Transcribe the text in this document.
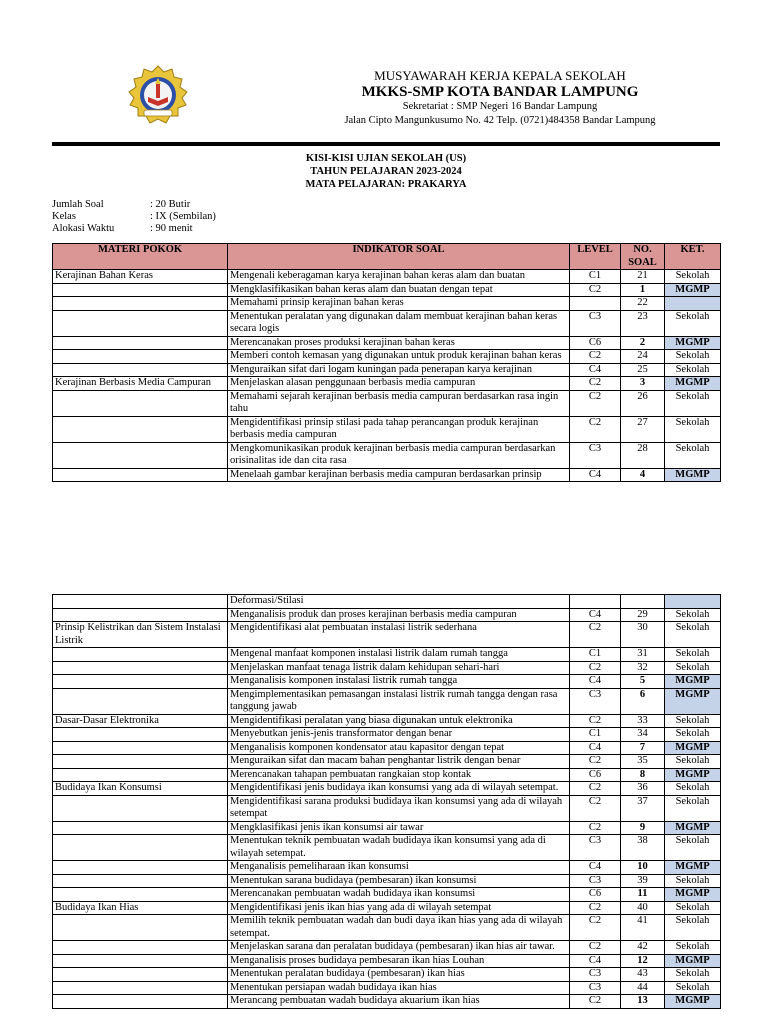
MUSYAWARAH KERJA KEPALA SEKOLAH
MKKS-SMP KOTA BANDAR LAMPUNG
Sekretariat : SMP Negeri 16 Bandar Lampung
Jalan Cipto Mangunkusumo No. 42 Telp. (0721)484358 Bandar Lampung
KISI-KISI UJIAN SEKOLAH (US)
TAHUN PELAJARAN 2023-2024
MATA PELAJARAN: PRAKARYA
Jumlah Soal	: 20 Butir
Kelas	: IX (Sembilan)
Alokasi Waktu	: 90 menit
MATERI POKOK	INDIKATOR SOAL	LEVEL	NO. SOAL	KET.
Kerajinan Bahan Keras	Mengenali keberagaman karya kerajinan bahan keras alam dan buatan	C1	21	Sekolah
	Mengklasifikasikan bahan keras alam dan buatan dengan tepat	C2	1	MGMP
	Memahami prinsip kerajinan bahan keras		22	
	Menentukan peralatan yang digunakan dalam membuat kerajinan bahan keras secara logis	C3	23	Sekolah
	Merencanakan proses produksi kerajinan bahan keras	C6	2	MGMP
	Memberi contoh kemasan yang digunakan untuk produk kerajinan bahan keras	C2	24	Sekolah
	Menguraikan sifat dari logam kuningan pada penerapan karya kerajinan	C4	25	Sekolah
Kerajinan Berbasis Media Campuran	Menjelaskan alasan penggunaan berbasis media campuran	C2	3	MGMP
	Memahami sejarah kerajinan berbasis media campuran berdasarkan rasa ingin tahu	C2	26	Sekolah
	Mengidentifikasi prinsip stilasi pada tahap perancangan produk kerajinan berbasis media campuran	C2	27	Sekolah
	Mengkomunikasikan produk kerajinan berbasis media campuran berdasarkan orisinalitas ide dan cita rasa	C3	28	Sekolah
	Menelaah gambar kerajinan berbasis media campuran berdasarkan prinsip	C4	4	MGMP
	Deformasi/Stilasi			
	Menganalisis produk dan proses kerajinan berbasis media campuran	C4	29	Sekolah
Prinsip Kelistrikan dan Sistem Instalasi Listrik	Mengidentifikasi alat pembuatan instalasi listrik sederhana	C2	30	Sekolah
	Mengenal manfaat komponen instalasi listrik dalam rumah tangga	C1	31	Sekolah
	Menjelaskan manfaat tenaga listrik dalam kehidupan sehari-hari	C2	32	Sekolah
	Menganalisis komponen instalasi listrik rumah tangga	C4	5	MGMP
	Mengimplementasikan pemasangan instalasi listrik rumah tangga dengan rasa tanggung jawab	C3	6	MGMP
Dasar-Dasar Elektronika	Mengidentifikasi peralatan yang biasa digunakan untuk elektronika	C2	33	Sekolah
	Menyebutkan jenis-jenis transformator dengan benar	C1	34	Sekolah
	Menganalisis komponen kondensator atau kapasitor dengan tepat	C4	7	MGMP
	Menguraikan sifat dan macam bahan penghantar listrik dengan benar	C2	35	Sekolah
	Merencanakan tahapan pembuatan rangkaian stop kontak	C6	8	MGMP
Budidaya Ikan Konsumsi	Mengidentifikasi jenis budidaya ikan konsumsi yang ada di wilayah setempat.	C2	36	Sekolah
	Mengidentifikasi sarana produksi budidaya ikan konsumsi yang ada di wilayah setempat	C2	37	Sekolah
	Mengklasifikasi jenis ikan konsumsi air tawar	C2	9	MGMP
	Menentukan teknik pembuatan wadah budidaya ikan konsumsi yang ada di wilayah setempat.	C3	38	Sekolah
	Menganalisis pemeliharaan ikan konsumsi	C4	10	MGMP
	Menentukan sarana budidaya (pembesaran) ikan konsumsi	C3	39	Sekolah
	Merencanakan pembuatan wadah budidaya ikan konsumsi	C6	11	MGMP
Budidaya Ikan Hias	Mengidentifikasi jenis ikan hias yang ada di wilayah setempat	C2	40	Sekolah
	Memilih teknik pembuatan wadah dan budi daya ikan hias yang ada di wilayah setempat.	C2	41	Sekolah
	Menjelaskan sarana dan peralatan budidaya (pembesaran) ikan hias air tawar.	C2	42	Sekolah
	Menganalisis proses budidaya pembesaran ikan hias Louhan	C4	12	MGMP
	Menentukan peralatan budidaya (pembesaran) ikan hias	C3	43	Sekolah
	Menentukan persiapan wadah budidaya ikan hias	C3	44	Sekolah
	Merancang pembuatan wadah budidaya akuarium ikan hias	C2	13	MGMP
